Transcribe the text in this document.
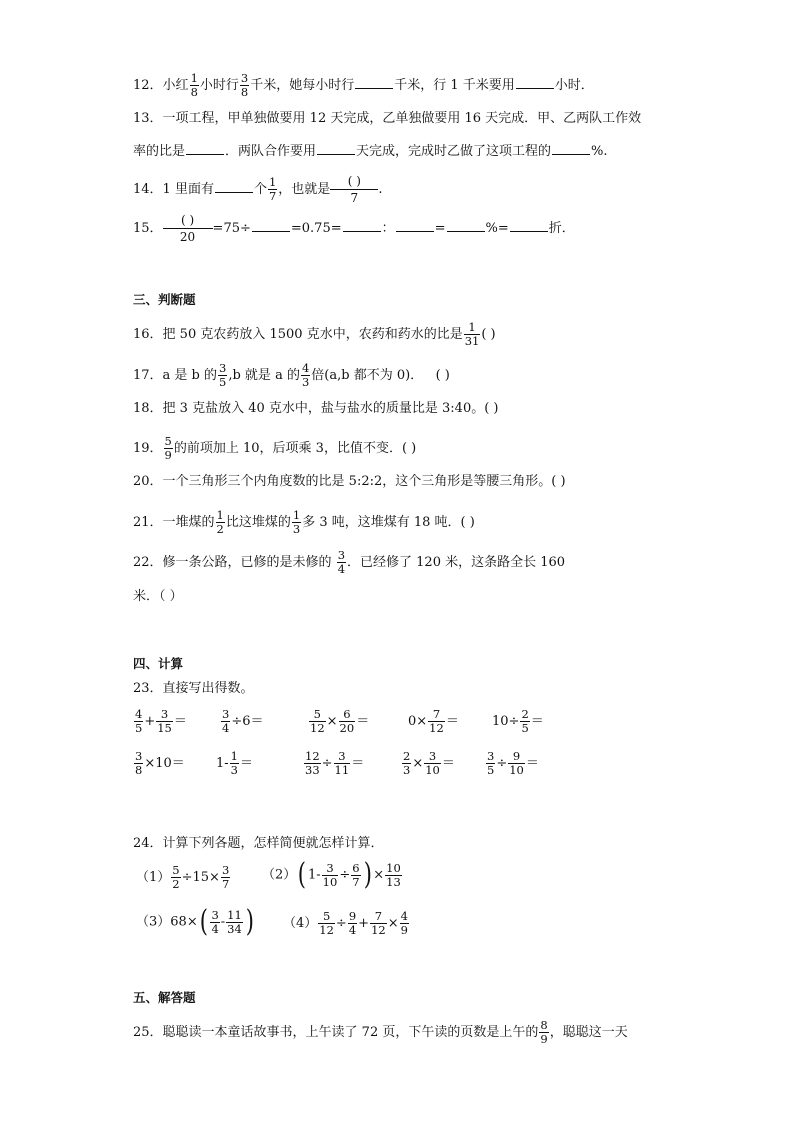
12．小红 $\frac{1}{8}$ 小时行 $\frac{3}{8}$ 千米，她每小时行	千米，行 1 千米要用	小时．
13．一项工程，甲单独做要用 12 天完成，乙单独做要用 16 天完成．甲、乙两队工作效
率的比是	．两队合作要用	天完成，完成时乙做了这项工程的	%.
14．1 里面有	个 $\frac{1}{7}$ ，也就是
( )
7
.
15．
( )
20
=75÷	=0.75=	：	=	%=	折．
三、判断题
16．把 50 克农药放入 1500 克水中，农药和药水的比是 $\frac{1}{31}$ ( )
17．a 是 b 的 $\frac{3}{5} ,b$ 就是 a 的 $\frac{4}{3}$ 倍(a,b 都不为 0)． ( )
18．把 3 克盐放入 40 克水中，盐与盐水的质量比是 3:40。( )
19． $\frac{5}{9}$ 的前项加上 10，后项乘 3，比值不变．( )
20．一个三角形三个内角度数的比是 5:2:2，这个三角形是等腰三角形。( )
21．一堆煤的 $\frac{1}{2}$ 比这堆煤的 $\frac{1}{3}$ 多 3 吨，这堆煤有 18 吨．( )
22．修一条公路，已修的是未修的 $\frac{3}{4}$ ．已经修了 120 米，这条路全长 160
米．（ ）
四、计算
23．直接写出得数。
$\frac{4}{5} + \frac{3}{15}$ ＝	$\frac{3}{4} \div 6=$	$\frac{5}{12} \times \frac{6}{20}$ ＝	$0\times \frac{7}{12}$ ＝	$10\div \frac{2}{5}$ ＝
$\frac{3}{8} \times 10= 1- \frac{1}{3}$ ＝	$\frac{12}{33} \div \frac{3}{11}$ ＝	$\frac{2}{3} \times \frac{3}{10}$ ＝	$\frac{3}{5} \div \frac{9}{10}$ ＝
24．计算下列各题，怎样简便就怎样计算．
$(1) \frac{5}{2} \div 15\times \frac{3}{7} (2)$( $1- \frac{3}{10} \div \frac{6}{7}$ ) × $\frac{10}{13}$
$(3)68\times( \frac{3}{4} - \frac{11}{34}$ ) $(4) \frac{5}{12} \div \frac{9}{4} + \frac{7}{12} \times \frac{4}{9}$
五、解答题
25．聪聪读一本童话故事书，上午读了 72 页，下午读的页数是上午的 $\frac{8}{9}$ ，聪聪这一天
